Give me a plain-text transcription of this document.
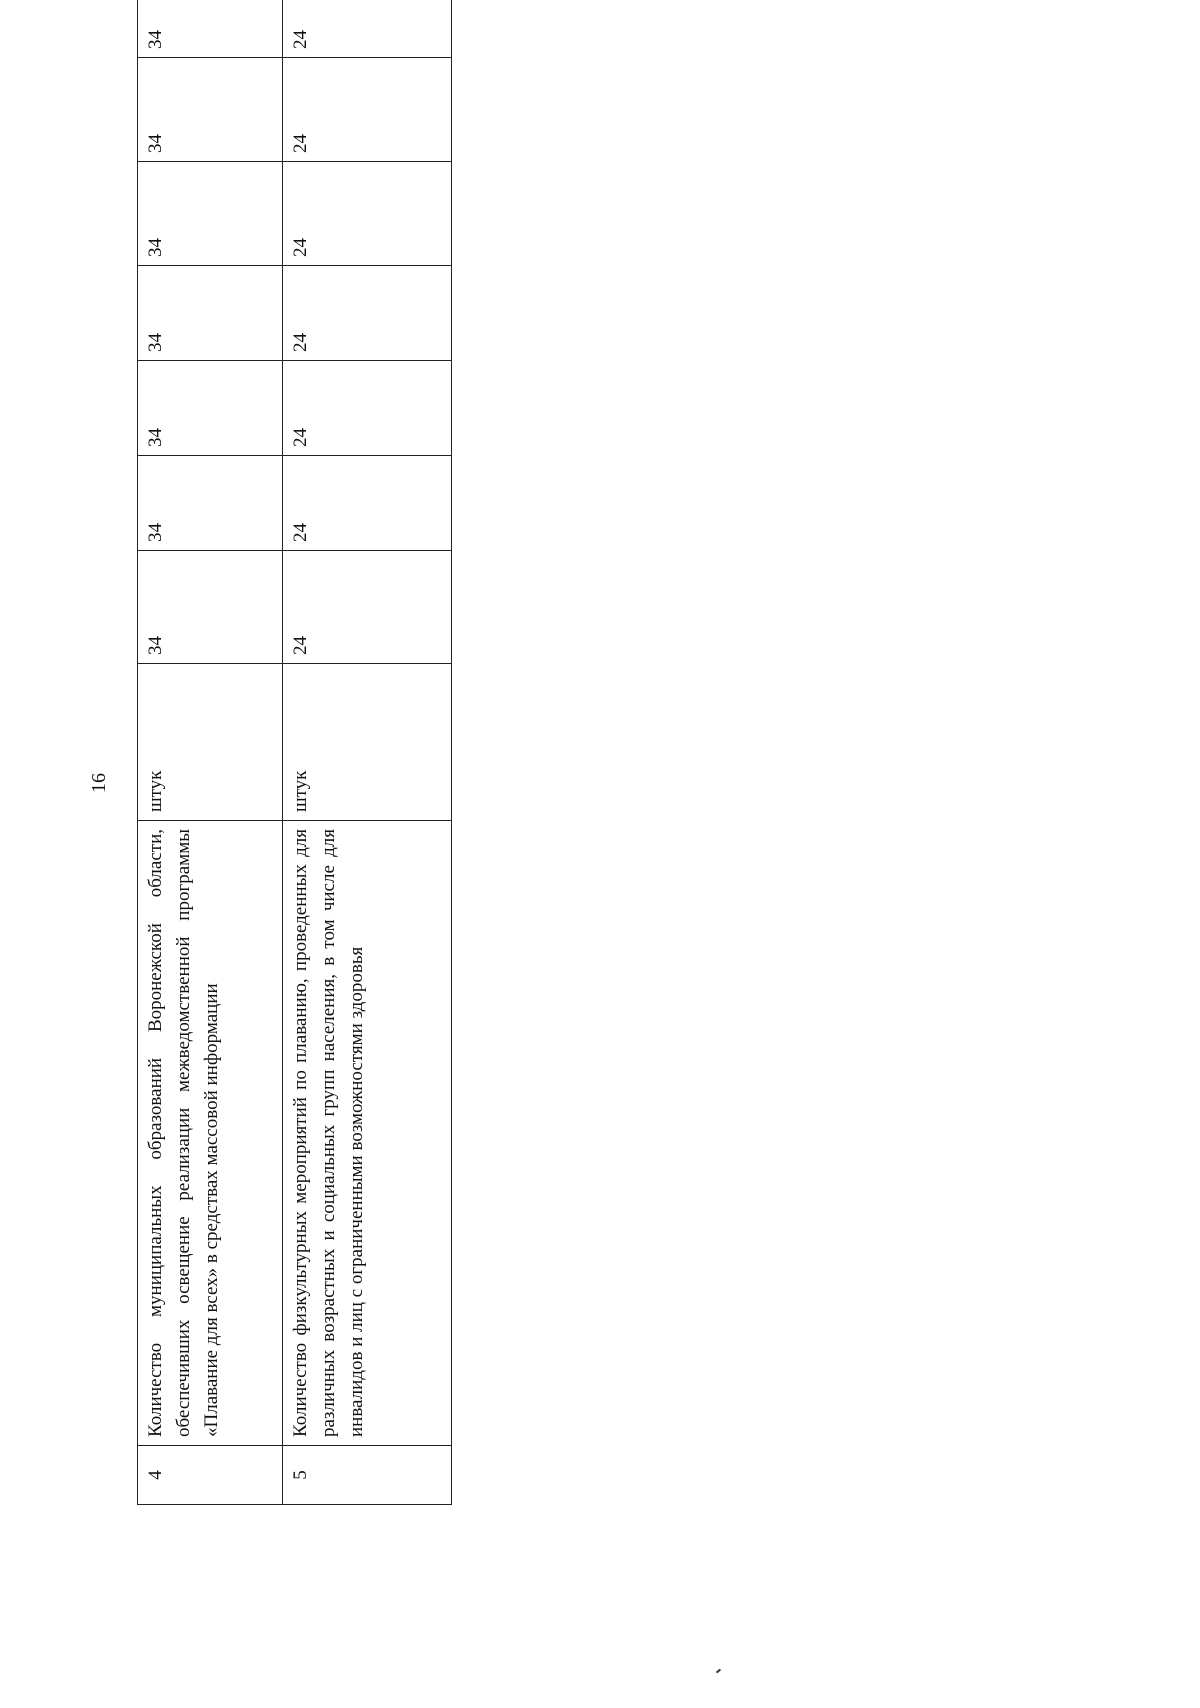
16
4	Количество муниципальных образований Воронежской области, обеспечивших освещение реализации межведомственной программы «Плавание для всех» в средствах массовой информации	штук	34	34	34	34	34	34	34
5	Количество физкультурных мероприятий по плаванию, проведенных для различных возрастных и социальных групп населения, в том числе для инвалидов и лиц с ограниченными возможностями здоровья	штук	24	24	24	24	24	24	24
